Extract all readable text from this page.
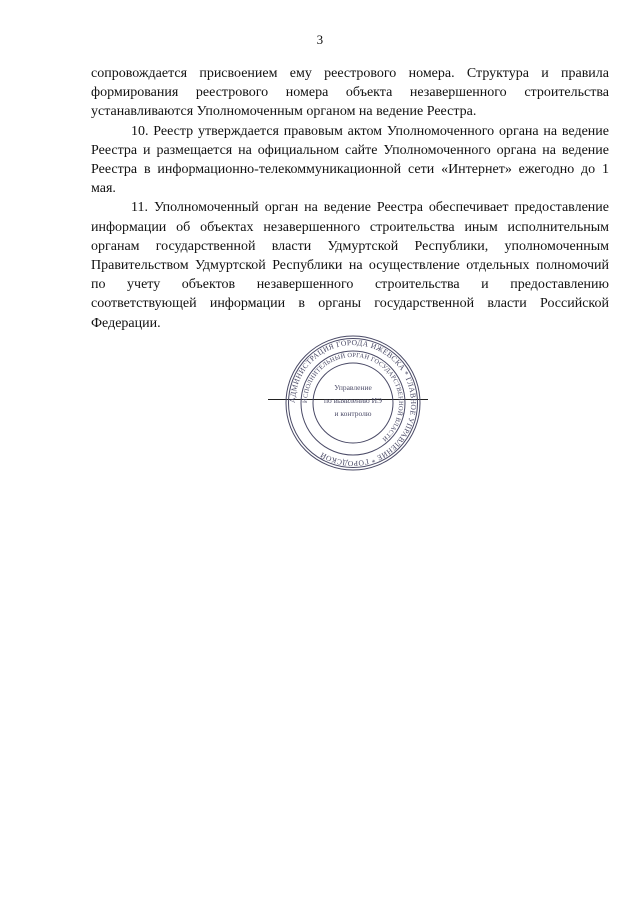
3

сопровождается присвоением ему реестрового номера. Структура и правила формирования реестрового номера объекта незавершенного строительства устанавливаются Уполномоченным органом на ведение Реестра.

10. Реестр утверждается правовым актом Уполномоченного органа на ведение Реестра и размещается на официальном сайте Уполномоченного органа на ведение Реестра в информационно-телекоммуникационной сети «Интернет» ежегодно до 1 мая.

11. Уполномоченный орган на ведение Реестра обеспечивает предоставление информации об объектах незавершенного строительства иным исполнительным органам государственной власти Удмуртской Республики, уполномоченным Правительством Удмуртской Республики на осуществление отдельных полномочий по учету объектов незавершенного строительства и предоставлению соответствующей информации в органы государственной власти Российской Федерации.

АДМИНИСТРАЦИЯ ГОРОДА ИЖЕВСКА * ГЛАВНОЕ УПРАВЛЕНИЕ * ГОРОДСКОЙ
ИСПОЛНИТЕЛЬНЫЙ ОРГАН ГОСУДАРСТВЕННОЙ ВЛАСТИ
Управление
по выявлению ИЭ
и контролю
